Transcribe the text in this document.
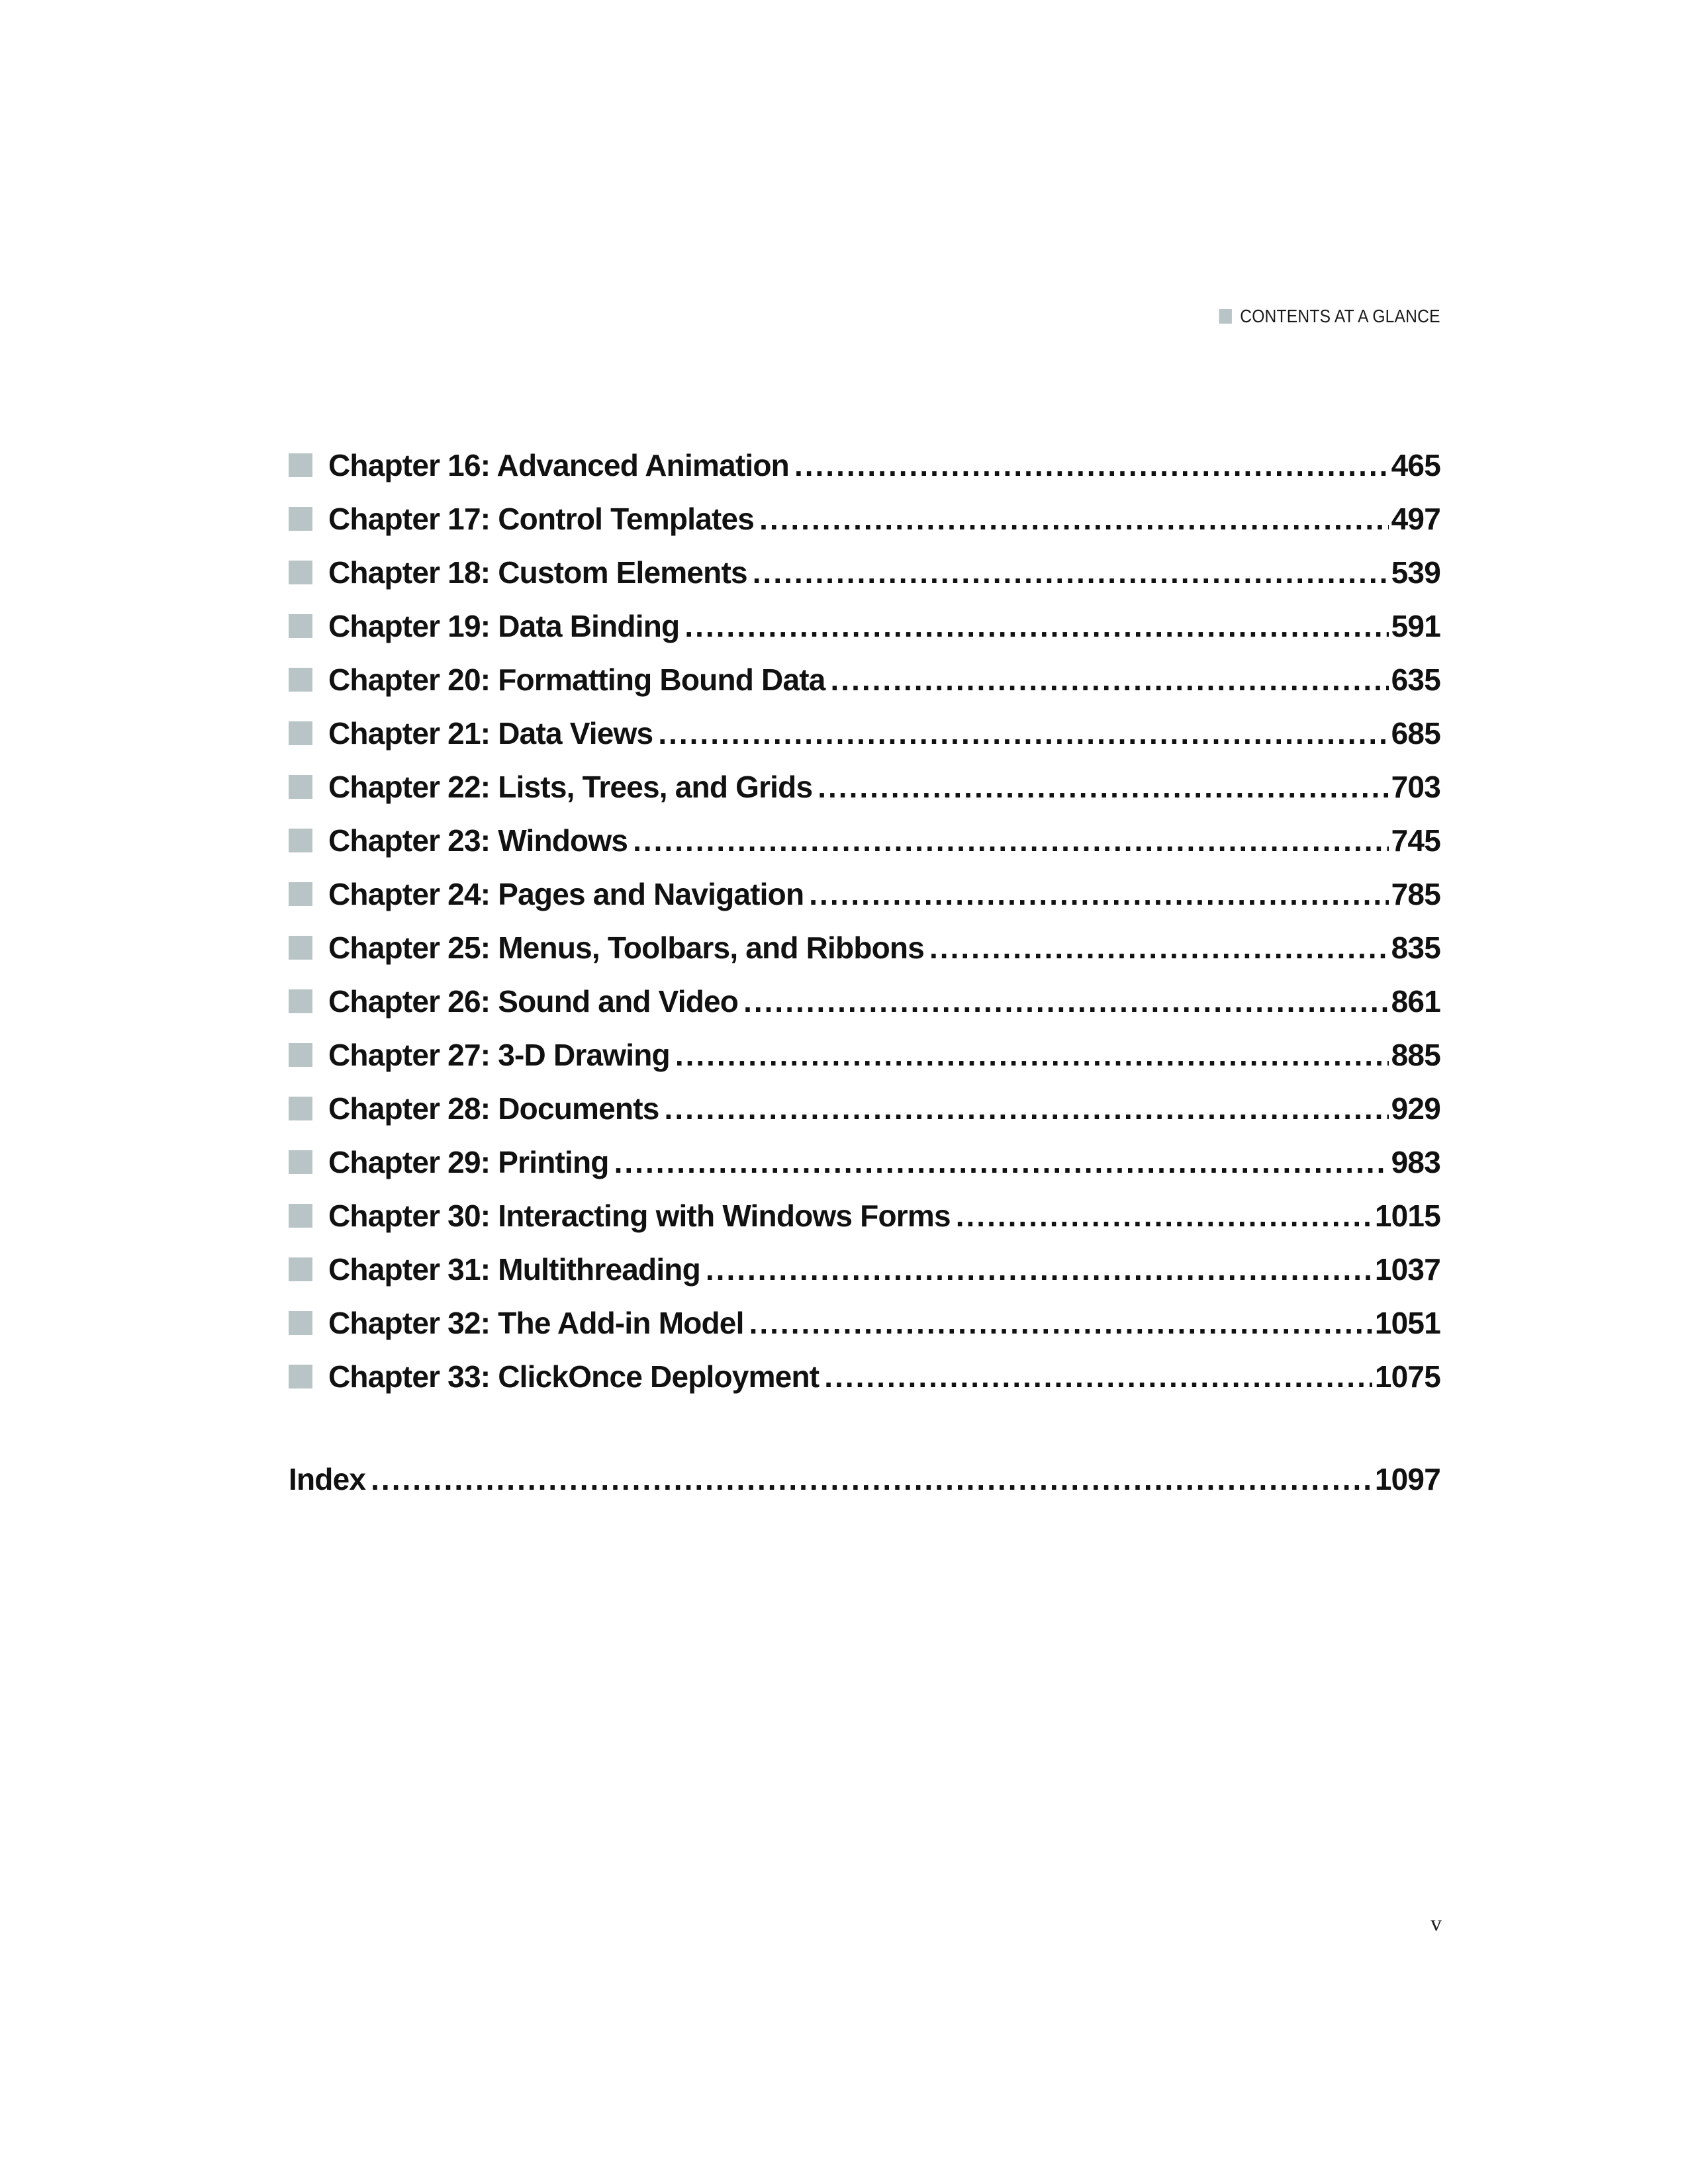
CONTENTS AT A GLANCE
Chapter 16: Advanced Animation .....	465
Chapter 17: Control Templates .....	497
Chapter 18: Custom Elements .....	539
Chapter 19: Data Binding .....	591
Chapter 20: Formatting Bound Data .....	635
Chapter 21: Data Views .....	685
Chapter 22: Lists, Trees, and Grids .....	703
Chapter 23: Windows .....	745
Chapter 24: Pages and Navigation .....	785
Chapter 25: Menus, Toolbars, and Ribbons .....	835
Chapter 26: Sound and Video .....	861
Chapter 27: 3-D Drawing .....	885
Chapter 28: Documents .....	929
Chapter 29: Printing .....	983
Chapter 30: Interacting with Windows Forms .....	1015
Chapter 31: Multithreading .....	1037
Chapter 32: The Add-in Model .....	1051
Chapter 33: ClickOnce Deployment .....	1075
Index .....	1097
v
